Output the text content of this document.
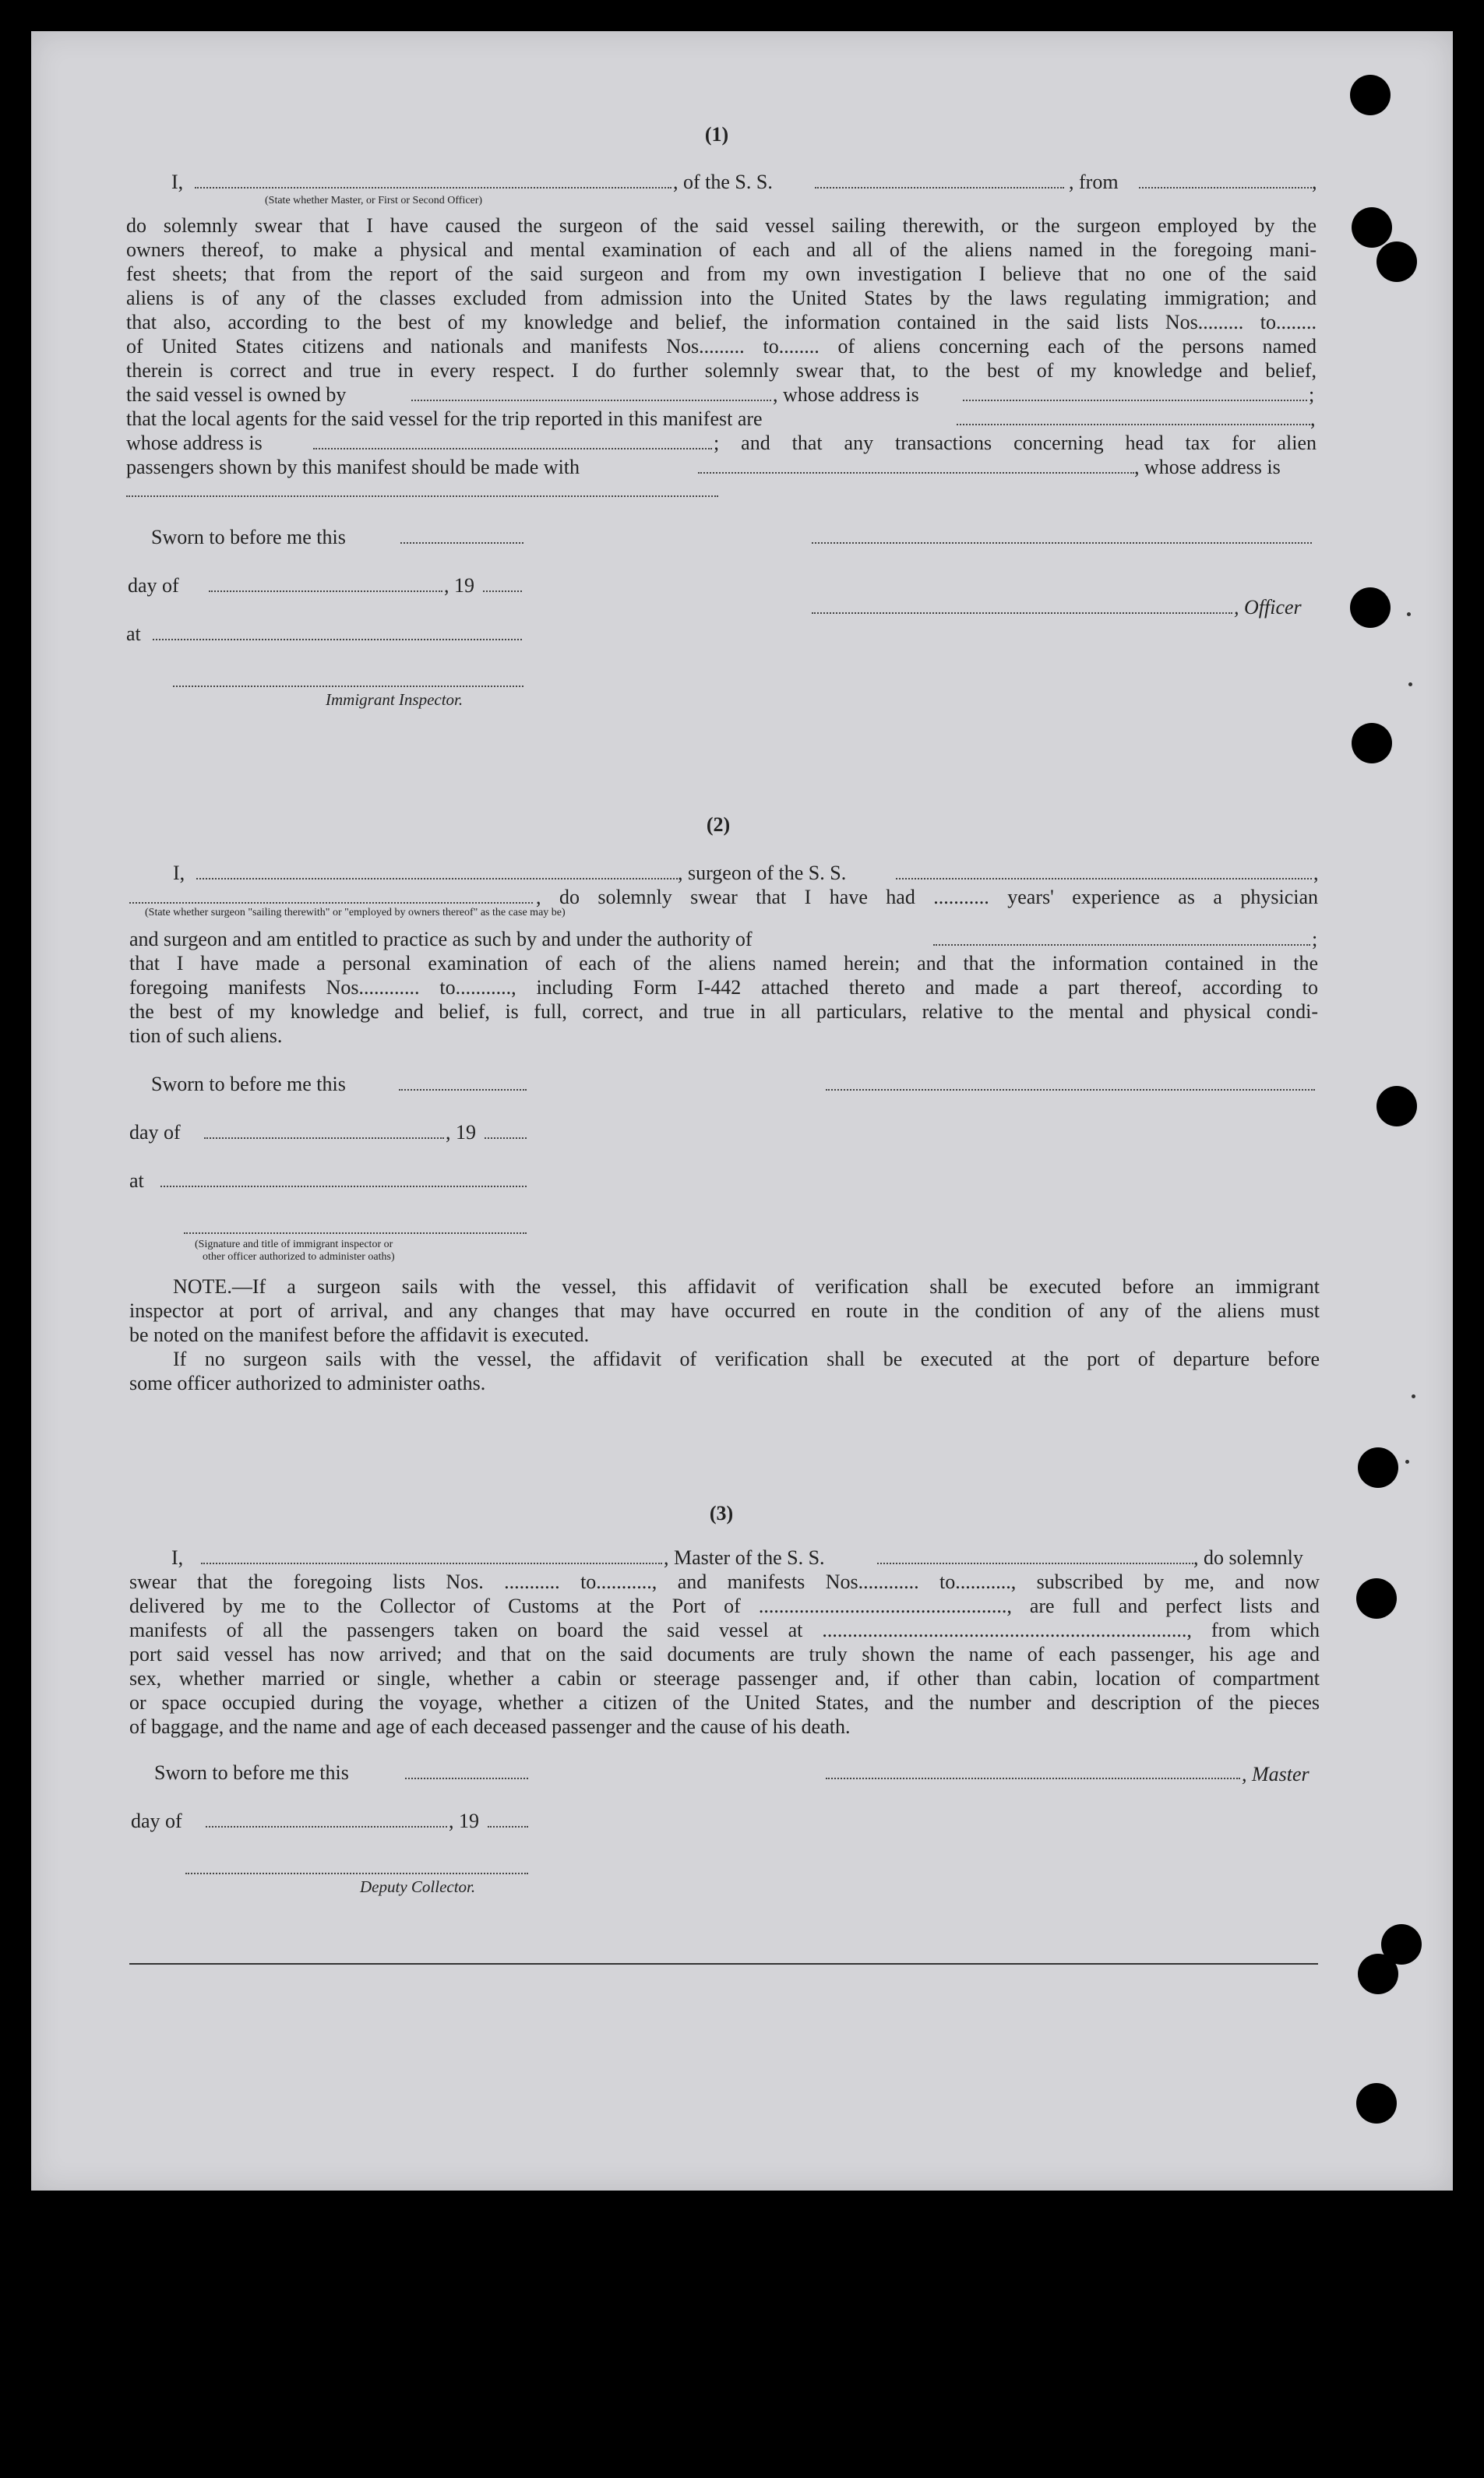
(1)
I,	, of the S. S.	, from	,
(State whether Master, or First or Second Officer)
do solemnly swear that I have caused the surgeon of the said vessel sailing therewith, or the surgeon employed by the
owners thereof, to make a physical and mental examination of each and all of the aliens named in the foregoing mani-
fest sheets; that from the report of the said surgeon and from my own investigation I believe that no one of the said
aliens is of any of the classes excluded from admission into the United States by the laws regulating immigration; and
that also, according to the best of my knowledge and belief, the information contained in the said lists Nos......... to........
of United States citizens and nationals and manifests Nos......... to........ of aliens concerning each of the persons named
therein is correct and true in every respect. I do further solemnly swear that, to the best of my knowledge and belief,
the said vessel is owned by	, whose address is	;
that the local agents for the said vessel for the trip reported in this manifest are	,
whose address is	; and that any transactions concerning head tax for alien
passengers shown by this manifest should be made with	, whose address is
Sworn to before me this
day of	, 19
, Officer
at
Immigrant Inspector.
(2)
I,	, surgeon of the S. S.	,
, do solemnly swear that I have had ........... years' experience as a physician
(State whether surgeon "sailing therewith" or "employed by owners thereof" as the case may be)
and surgeon and am entitled to practice as such by and under the authority of	;
that I have made a personal examination of each of the aliens named herein; and that the information contained in the
foregoing manifests Nos............ to..........., including Form I-442 attached thereto and made a part thereof, according to
the best of my knowledge and belief, is full, correct, and true in all particulars, relative to the mental and physical condi-
tion of such aliens.
Sworn to before me this
day of	, 19
at
(Signature and title of immigrant inspector or
other officer authorized to administer oaths)
NOTE.—If a surgeon sails with the vessel, this affidavit of verification shall be executed before an immigrant
inspector at port of arrival, and any changes that may have occurred en route in the condition of any of the aliens must
be noted on the manifest before the affidavit is executed.
If no surgeon sails with the vessel, the affidavit of verification shall be executed at the port of departure before
some officer authorized to administer oaths.
(3)
I,	, Master of the S. S.	, do solemnly
swear that the foregoing lists Nos. ........... to..........., and manifests Nos............ to..........., subscribed by me, and now
delivered by me to the Collector of Customs at the Port of ................................................., are full and perfect lists and
manifests of all the passengers taken on board the said vessel at ........................................................................, from which
port said vessel has now arrived; and that on the said documents are truly shown the name of each passenger, his age and
sex, whether married or single, whether a cabin or steerage passenger and, if other than cabin, location of compartment
or space occupied during the voyage, whether a citizen of the United States, and the number and description of the pieces
of baggage, and the name and age of each deceased passenger and the cause of his death.
Sworn to before me this	, Master
day of	, 19
Deputy Collector.
